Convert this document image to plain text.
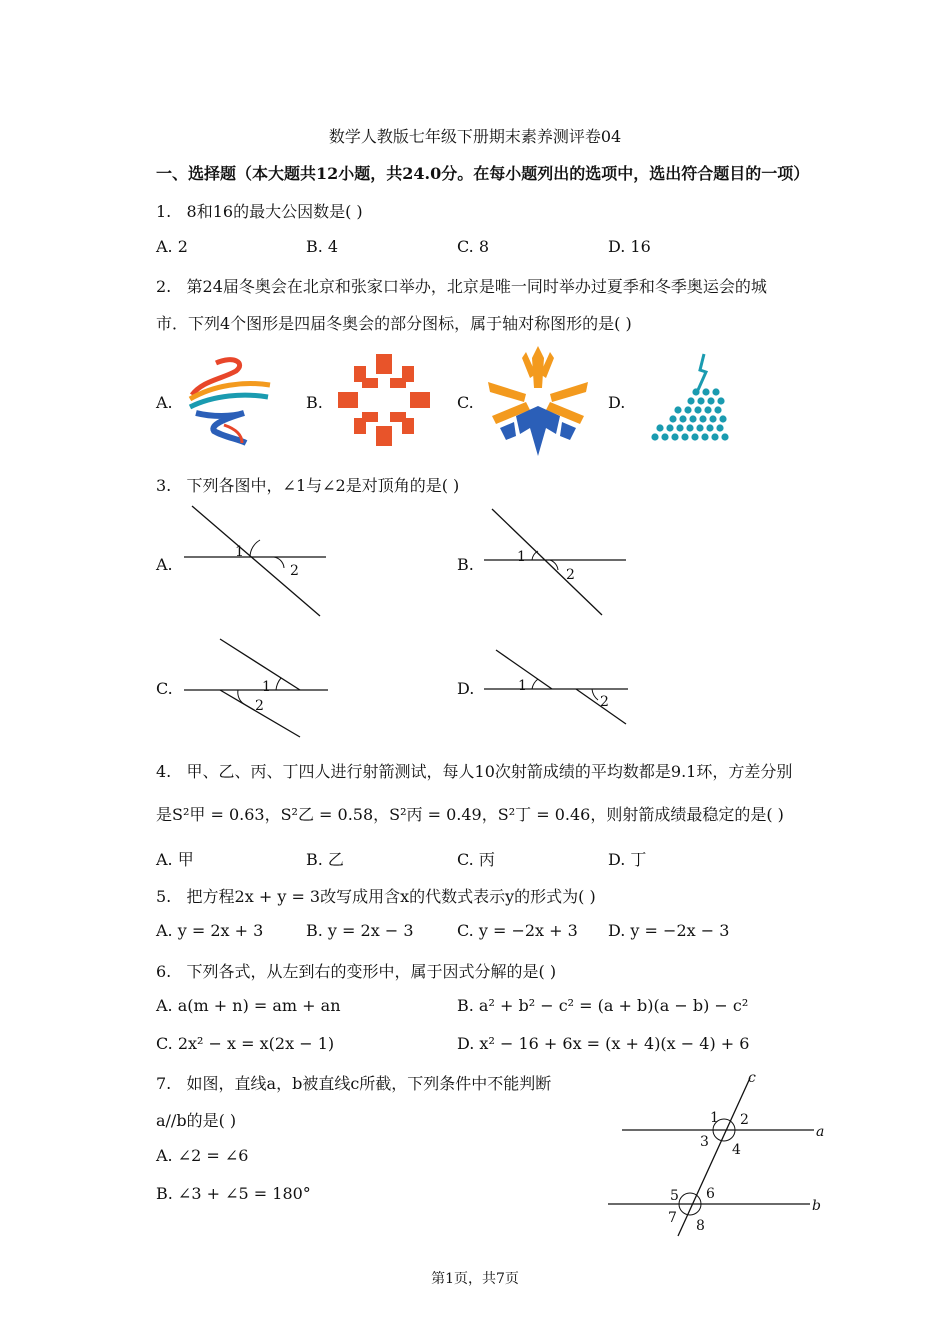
数学人教版七年级下册期末素养测评卷04
一、选择题（本大题共12小题，共24.0分。在每小题列出的选项中，选出符合题目的一项）
1. 8和16的最大公因数是( )
A. 2	B. 4	C. 8	D. 16
2. 第24届冬奥会在北京和张家口举办，北京是唯一同时举办过夏季和冬季奥运会的城
市．下列4个图形是四届冬奥会的部分图标，属于轴对称图形的是( )
A.	B.	C.	D.
3. 下列各图中，∠1与∠2是对顶角的是( )
A.	B.
C.	D.
1
2
1
2
1
2
1
2
4. 甲、乙、丙、丁四人进行射箭测试，每人10次射箭成绩的平均数都是9.1环，方差分别
是S²甲 = 0.63，S²乙 = 0.58，S²丙 = 0.49，S²丁 = 0.46，则射箭成绩最稳定的是( )
A. 甲	B. 乙	C. 丙	D. 丁
5. 把方程2x + y = 3改写成用含x的代数式表示y的形式为( )
A. y = 2x + 3	B. y = 2x − 3	C. y = −2x + 3 D. y = −2x − 3
6. 下列各式，从左到右的变形中，属于因式分解的是( )
A. a(m + n) = am + an	B. a² + b² − c² = (a + b)(a − b) − c²
C. 2x² − x = x(2x − 1)	D. x² − 16 + 6x = (x + 4)(x − 4) + 6
7. 如图，直线a，b被直线c所截，下列条件中不能判断
a//b的是( )
A. ∠2 = ∠6
B. ∠3 + ∠5 = 180°
c
a
b
1 2
3 4
5 6
7 8
第1页，共7页
